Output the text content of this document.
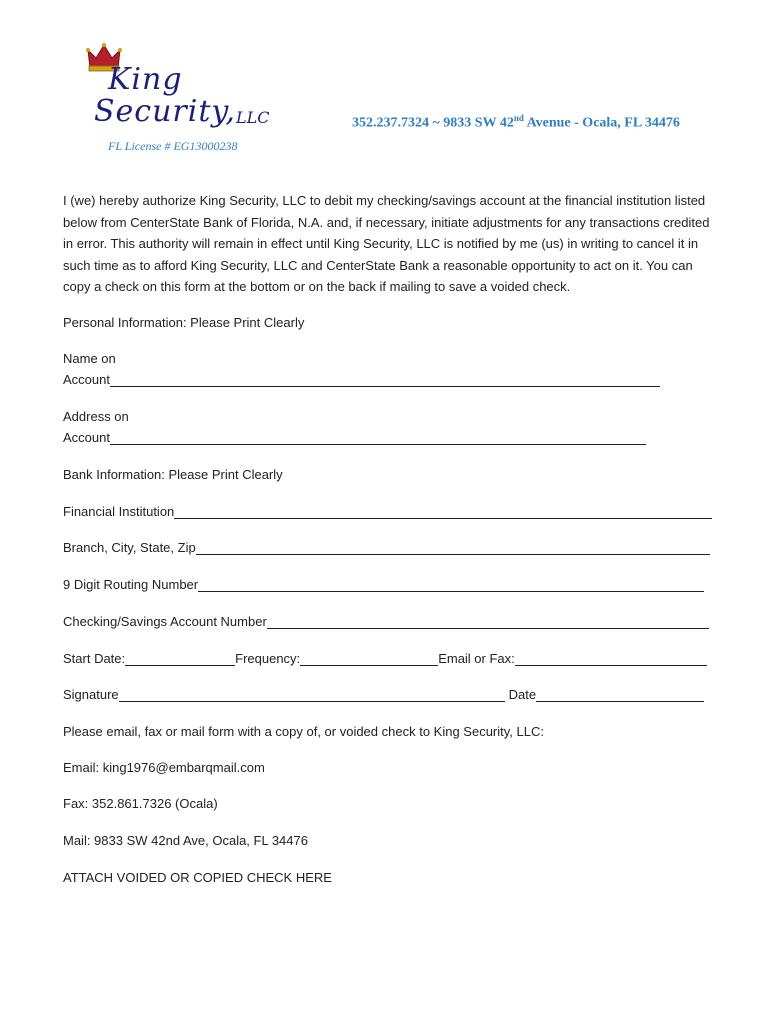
King
Security, LLC	352.237.7324 ~ 9833 SW 42nd Avenue - Ocala, FL 34476
FL License # EG13000238
I (we) hereby authorize King Security, LLC to debit my checking/savings account at the financial institution listed below from CenterState Bank of Florida, N.A. and, if necessary, initiate adjustments for any transactions credited in error. This authority will remain in effect until King Security, LLC is notified by me (us) in writing to cancel it in such time as to afford King Security, LLC and CenterState Bank a reasonable opportunity to act on it. You can copy a check on this form at the bottom or on the back if mailing to save a voided check.
Personal Information: Please Print Clearly
Name on
Account
Address on
Account
Bank Information: Please Print Clearly
Financial Institution
Branch, City, State, Zip
9 Digit Routing Number
Checking/Savings Account Number
Start Date:	Frequency:	Email or Fax:
Signature	Date
Please email, fax or mail form with a copy of, or voided check to King Security, LLC:
Email: king1976@embarqmail.com
Fax: 352.861.7326 (Ocala)
Mail: 9833 SW 42nd Ave, Ocala, FL 34476
ATTACH VOIDED OR COPIED CHECK HERE
